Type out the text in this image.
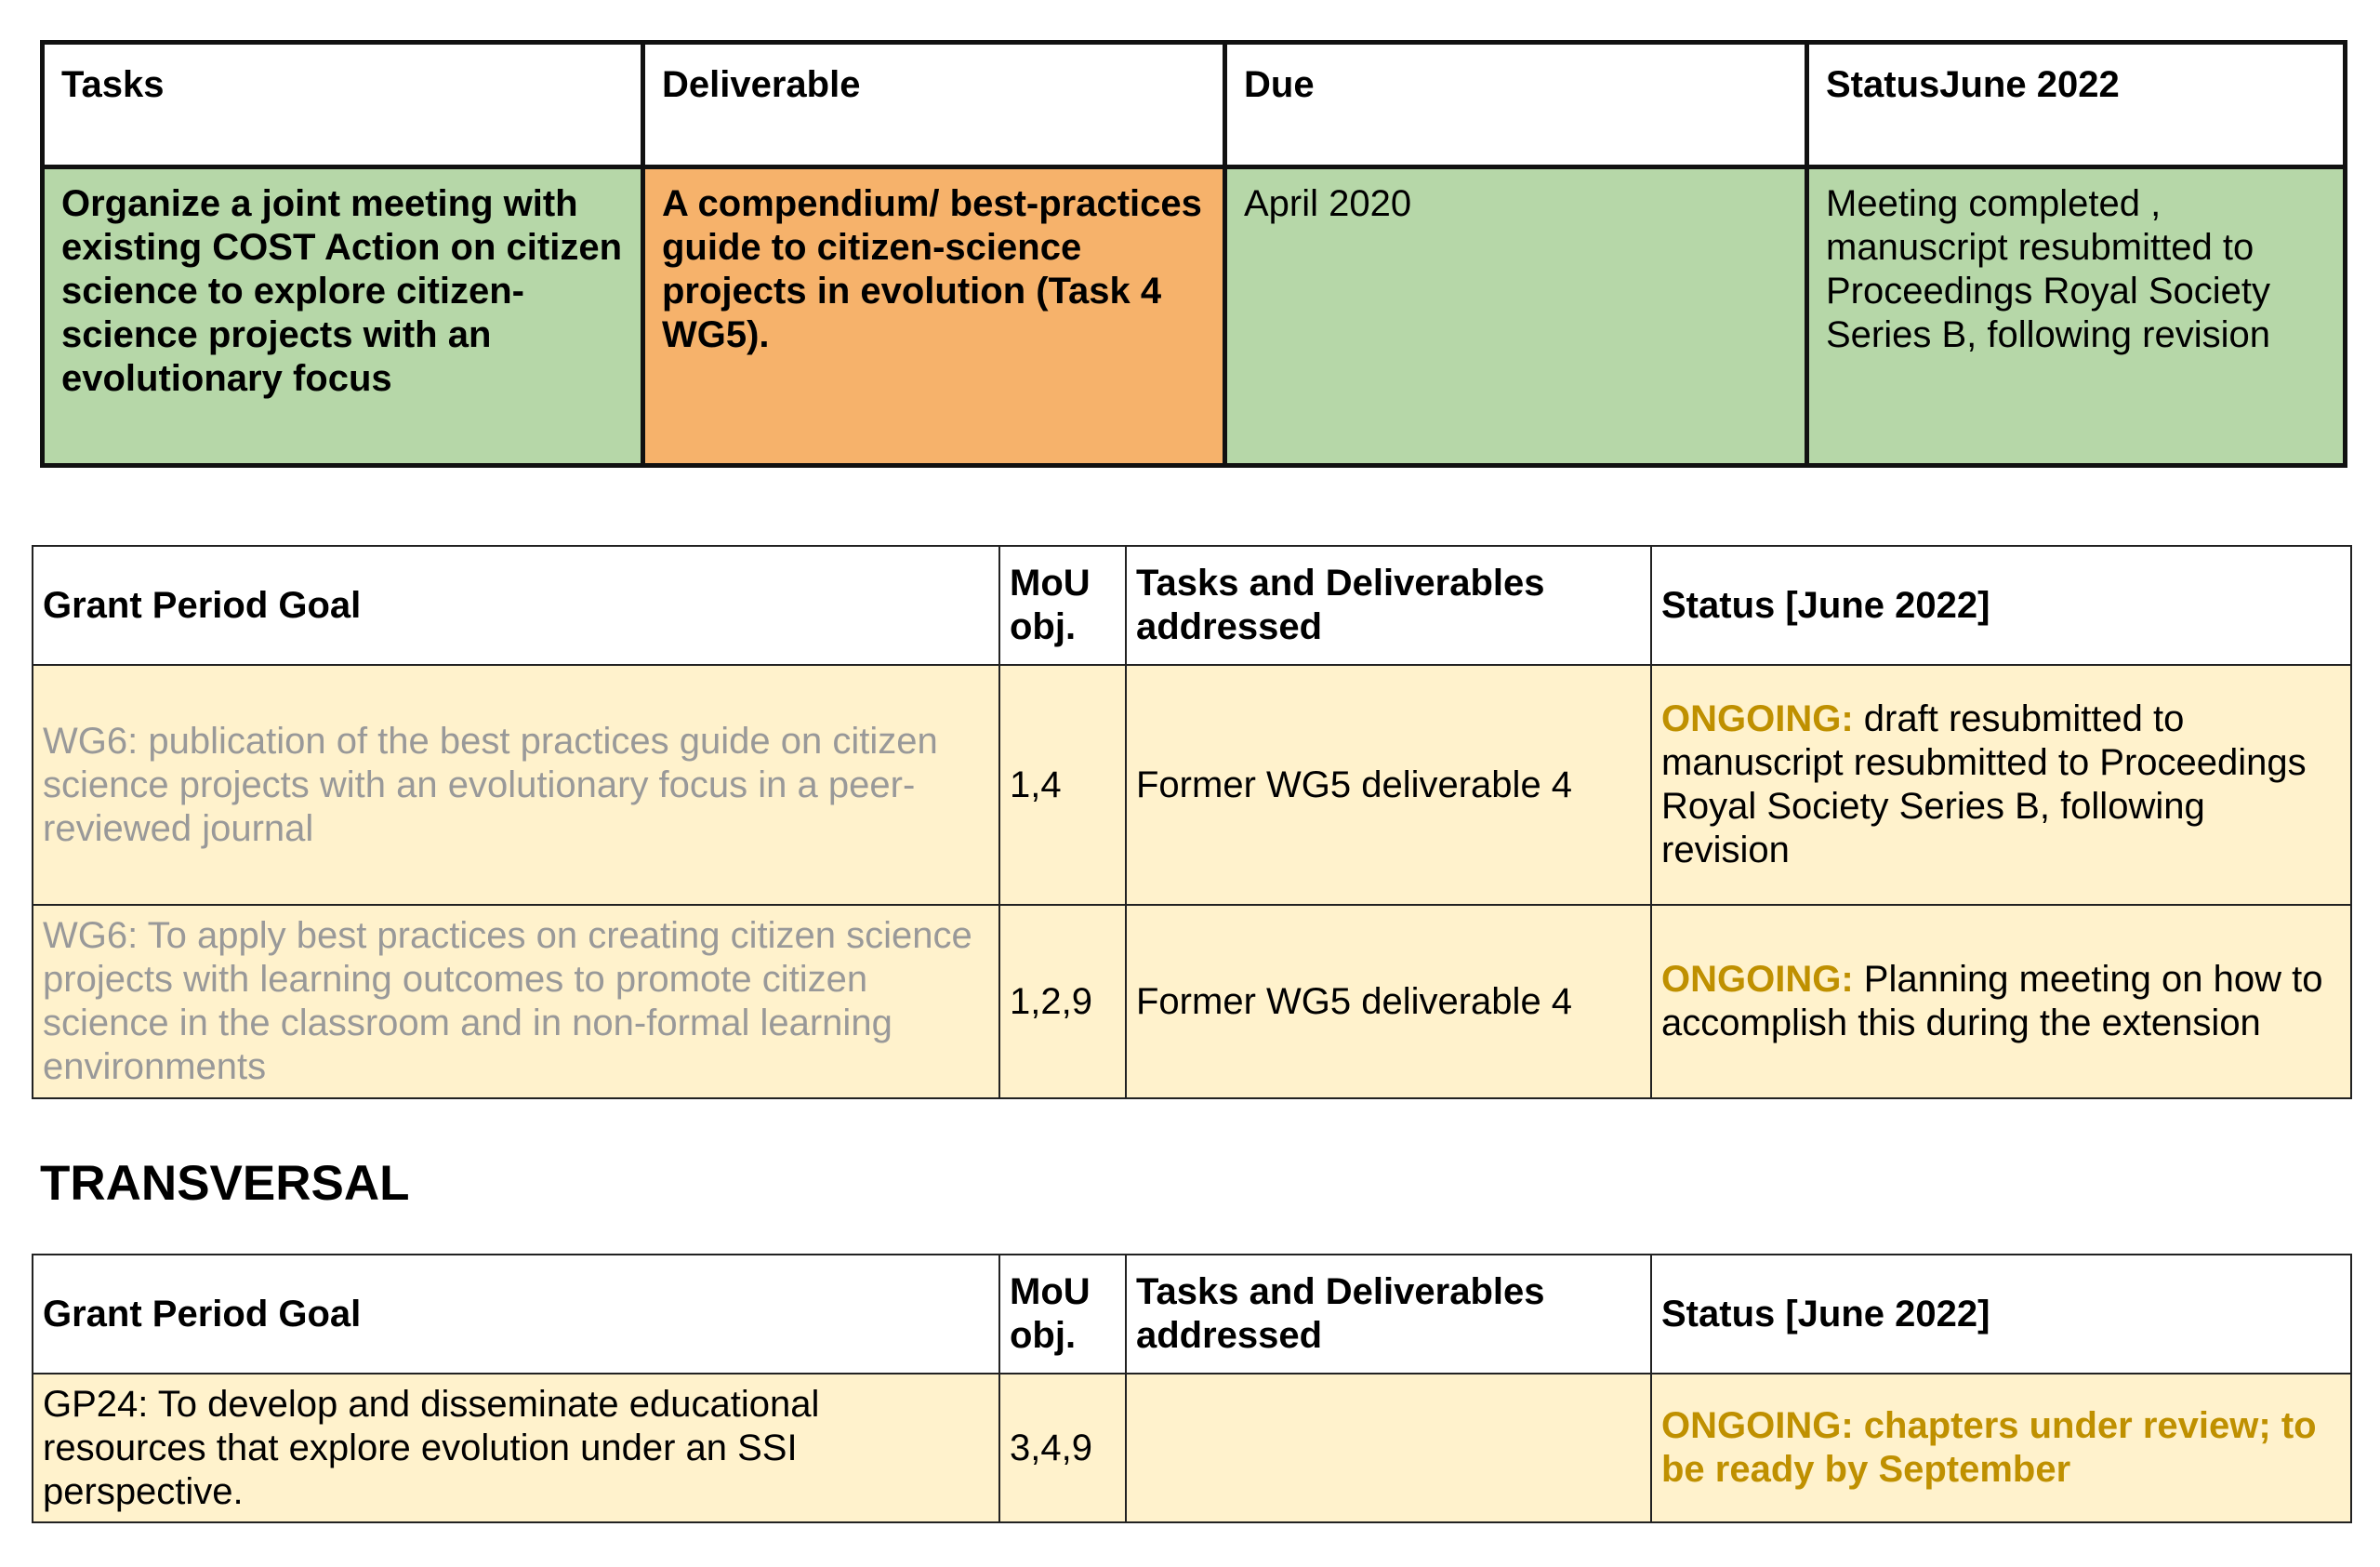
Tasks	Deliverable	Due	StatusJune 2022
Organize a joint meeting with existing COST Action on citizen science to explore citizen-science projects with an evolutionary focus	A compendium/ best-practices guide to citizen-science projects in evolution (Task 4 WG5).	April 2020	Meeting completed , manuscript resubmitted to Proceedings Royal Society Series B, following revision
Grant Period Goal	MoU obj.	Tasks and Deliverables addressed	Status [June 2022]
WG6: publication of the best practices guide on citizen science projects with an evolutionary focus in a peer-reviewed journal	1,4	Former WG5 deliverable 4	ONGOING: draft resubmitted to manuscript resubmitted to Proceedings Royal Society Series B, following revision
WG6: To apply best practices on creating citizen science projects with learning outcomes to promote citizen science in the classroom and in non-formal learning environments	1,2,9	Former WG5 deliverable 4	ONGOING: Planning meeting on how to accomplish this during the extension
TRANSVERSAL
Grant Period Goal	MoU obj.	Tasks and Deliverables addressed	Status [June 2022]
GP24: To develop and disseminate educational resources that explore evolution under an SSI perspective.	3,4,9		ONGOING: chapters under review; to be ready by September
